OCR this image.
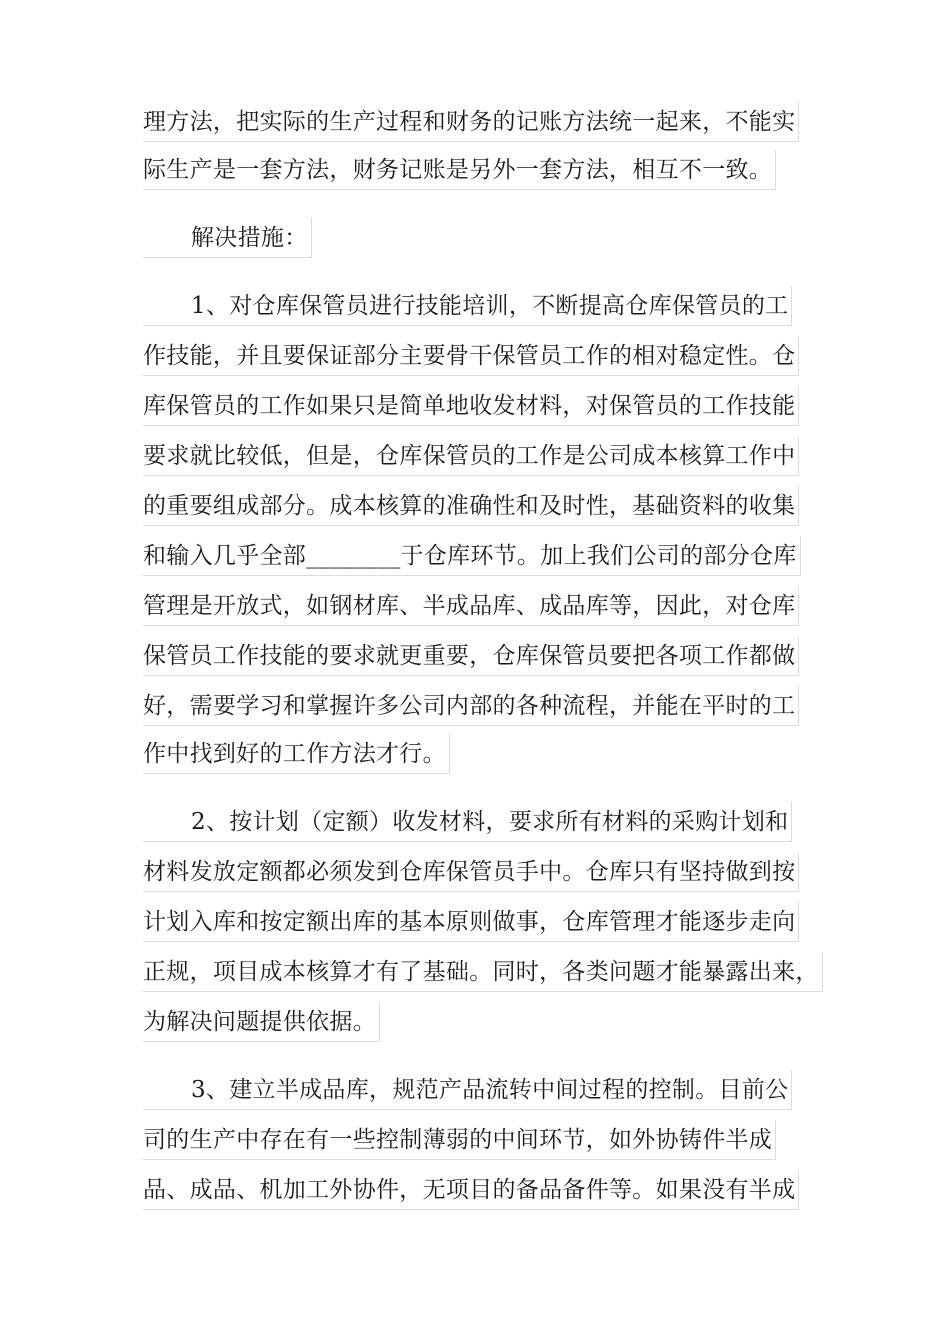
理方法，把实际的生产过程和财务的记账方法统一起来，不能实
际生产是一套方法，财务记账是另外一套方法，相互不一致。
解决措施：
1、对仓库保管员进行技能培训，不断提高仓库保管员的工
作技能，并且要保证部分主要骨干保管员工作的相对稳定性。仓
库保管员的工作如果只是简单地收发材料，对保管员的工作技能
要求就比较低，但是，仓库保管员的工作是公司成本核算工作中
的重要组成部分。成本核算的准确性和及时性，基础资料的收集
和输入几乎全部________于仓库环节。加上我们公司的部分仓库
管理是开放式，如钢材库、半成品库、成品库等，因此，对仓库
保管员工作技能的要求就更重要，仓库保管员要把各项工作都做
好，需要学习和掌握许多公司内部的各种流程，并能在平时的工
作中找到好的工作方法才行。
2、按计划（定额）收发材料，要求所有材料的采购计划和
材料发放定额都必须发到仓库保管员手中。仓库只有坚持做到按
计划入库和按定额出库的基本原则做事，仓库管理才能逐步走向
正规，项目成本核算才有了基础。同时，各类问题才能暴露出来，
为解决问题提供依据。
3、建立半成品库，规范产品流转中间过程的控制。目前公
司的生产中存在有一些控制薄弱的中间环节，如外协铸件半成
品、成品、机加工外协件，无项目的备品备件等。如果没有半成
